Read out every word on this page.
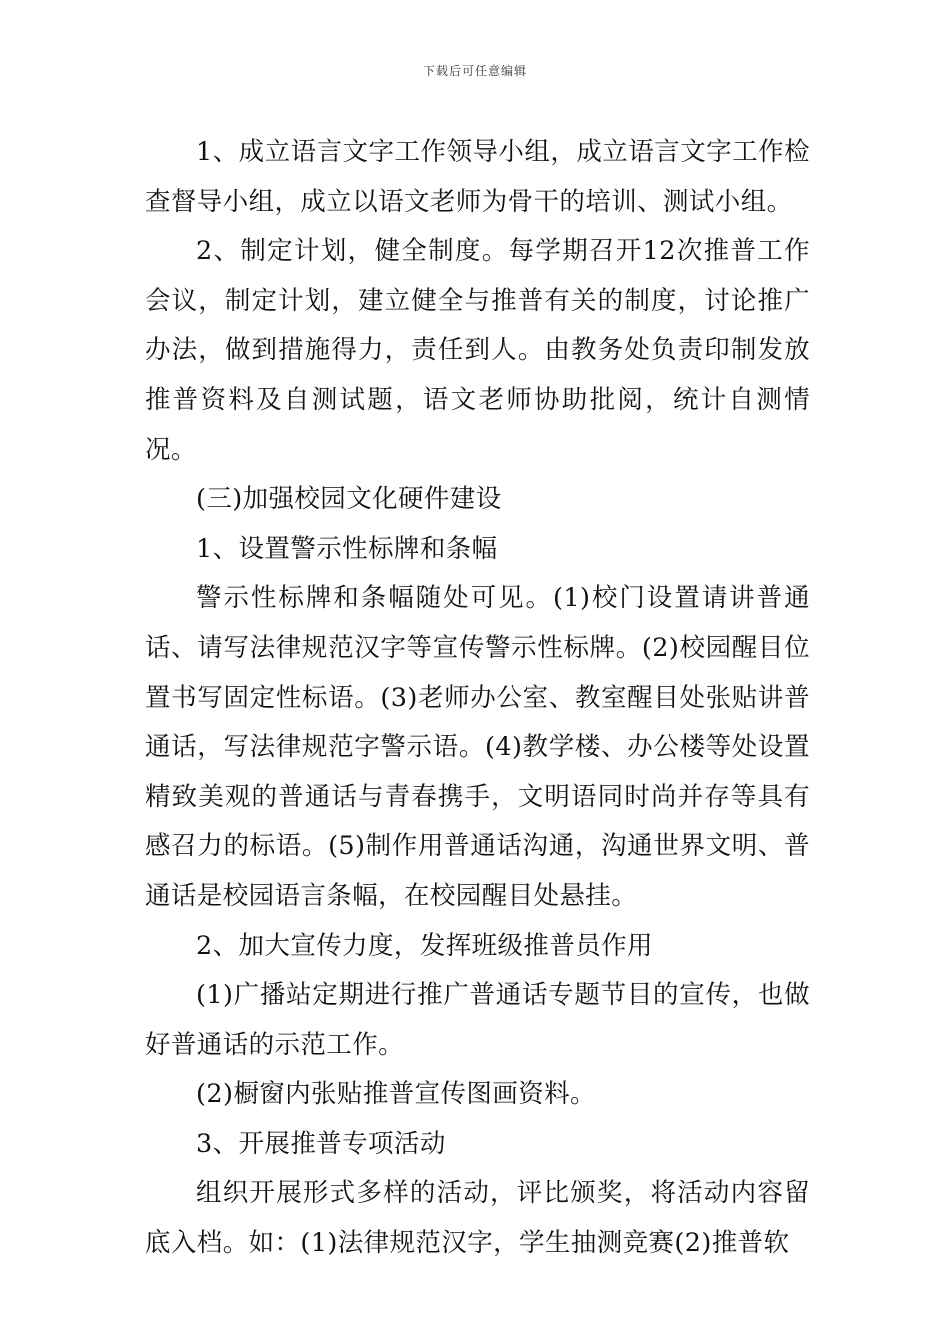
下载后可任意编辑

1、成立语言文字工作领导小组，成立语言文字工作检查督导小组，成立以语文老师为骨干的培训、测试小组。

2、制定计划，健全制度。每学期召开12次推普工作会议，制定计划，建立健全与推普有关的制度，讨论推广办法，做到措施得力，责任到人。由教务处负责印制发放推普资料及自测试题，语文老师协助批阅，统计自测情况。

(三)加强校园文化硬件建设

1、设置警示性标牌和条幅

警示性标牌和条幅随处可见。(1)校门设置请讲普通话、请写法律规范汉字等宣传警示性标牌。(2)校园醒目位置书写固定性标语。(3)老师办公室、教室醒目处张贴讲普通话，写法律规范字警示语。(4)教学楼、办公楼等处设置精致美观的普通话与青春携手，文明语同时尚并存等具有感召力的标语。(5)制作用普通话沟通，沟通世界文明、普通话是校园语言条幅，在校园醒目处悬挂。

2、加大宣传力度，发挥班级推普员作用

(1)广播站定期进行推广普通话专题节目的宣传，也做好普通话的示范工作。

(2)橱窗内张贴推普宣传图画资料。

3、开展推普专项活动

组织开展形式多样的活动，评比颁奖，将活动内容留底入档。如：(1)法律规范汉字，学生抽测竞赛(2)推普软
